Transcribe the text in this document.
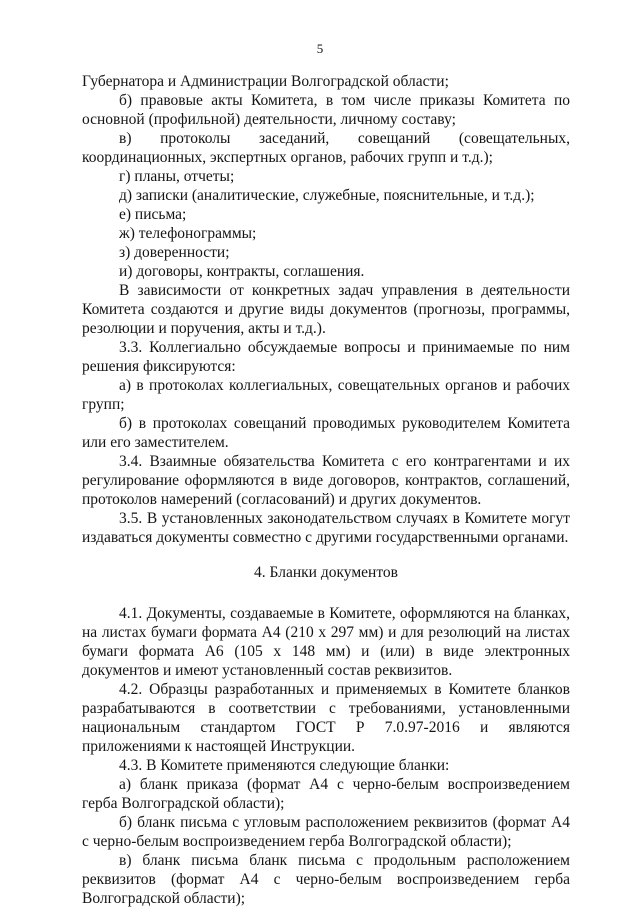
5

Губернатора и Администрации Волгоградской области;

б) правовые акты Комитета, в том числе приказы Комитета по основной (профильной) деятельности, личному составу;

в) протоколы заседаний, совещаний (совещательных, координационных, экспертных органов, рабочих групп и т.д.);

г) планы, отчеты;

д) записки (аналитические, служебные, пояснительные, и т.д.);

е) письма;

ж) телефонограммы;

з) доверенности;

и) договоры, контракты, соглашения.

В зависимости от конкретных задач управления в деятельности Комитета создаются и другие виды документов (прогнозы, программы, резолюции и поручения, акты и т.д.).

3.3. Коллегиально обсуждаемые вопросы и принимаемые по ним решения фиксируются:

а) в протоколах коллегиальных, совещательных органов и рабочих групп;

б) в протоколах совещаний проводимых руководителем Комитета или его заместителем.

3.4. Взаимные обязательства Комитета с его контрагентами и их регулирование оформляются в виде договоров, контрактов, соглашений, протоколов намерений (согласований) и других документов.

3.5. В установленных законодательством случаях в Комитете могут издаваться документы совместно с другими государственными органами.

4. Бланки документов

4.1. Документы, создаваемые в Комитете, оформляются на бланках, на листах бумаги формата А4 (210 х 297 мм) и для резолюций на листах бумаги формата А6 (105 х 148 мм) и (или) в виде электронных документов и имеют установленный состав реквизитов.

4.2. Образцы разработанных и применяемых в Комитете бланков разрабатываются в соответствии с требованиями, установленными национальным стандартом ГОСТ Р 7.0.97-2016 и являются приложениями к настоящей Инструкции.

4.3. В Комитете применяются следующие бланки:

а) бланк приказа (формат А4 с черно-белым воспроизведением герба Волгоградской области);

б) бланк письма с угловым расположением реквизитов (формат А4 с черно-белым воспроизведением герба Волгоградской области);

в) бланк письма бланк письма с продольным расположением реквизитов (формат А4 с черно-белым воспроизведением герба Волгоградской области);
